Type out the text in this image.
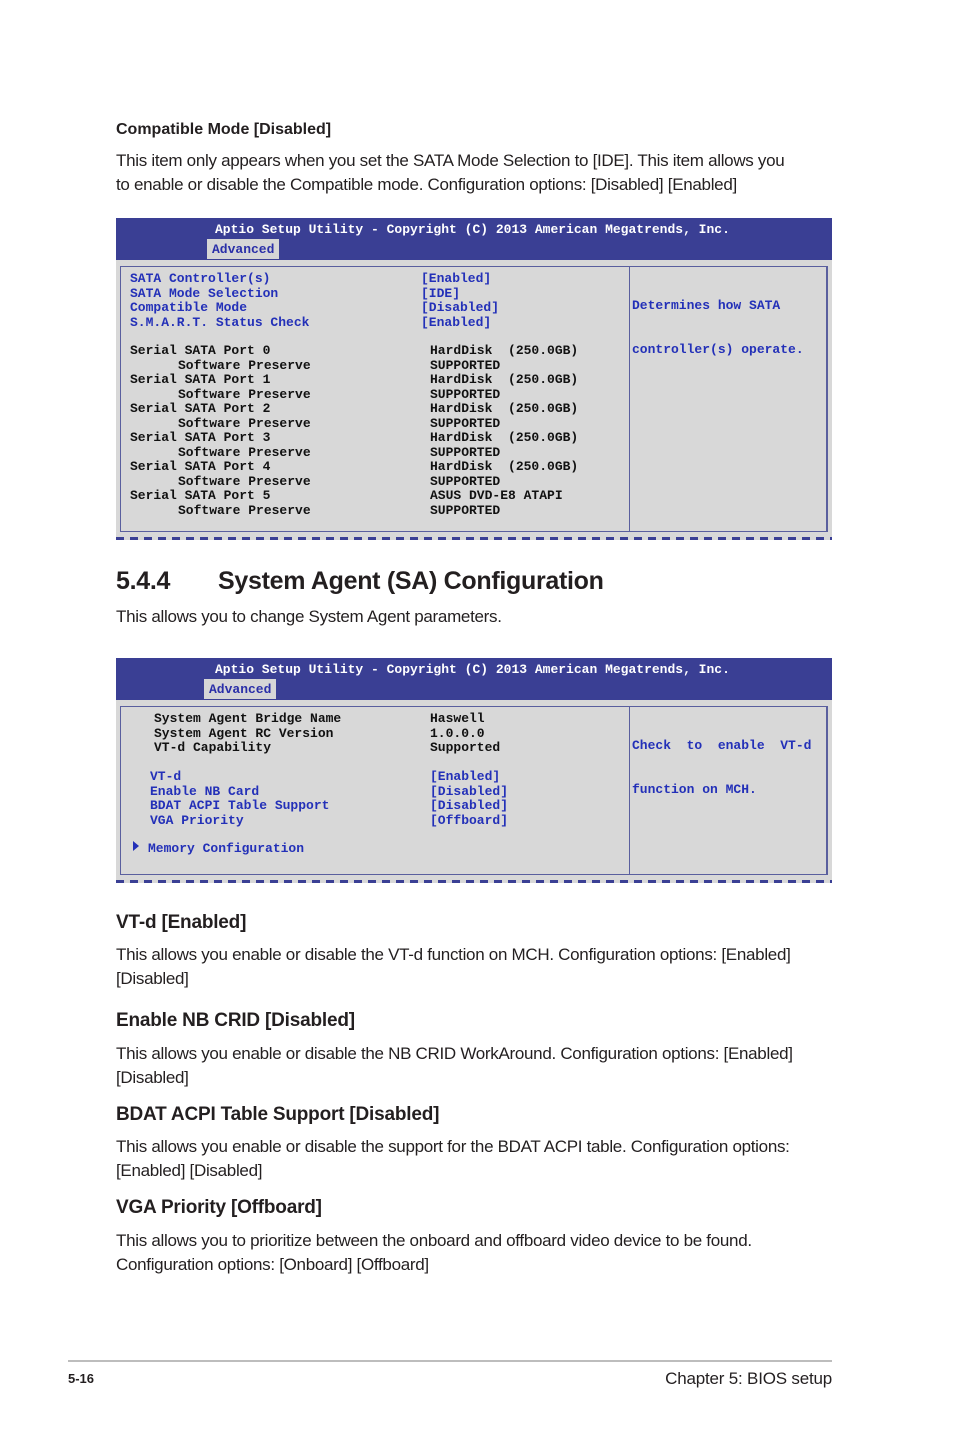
Compatible Mode [Disabled]
This item only appears when you set the SATA Mode Selection to [IDE]. This item allows you
to enable or disable the Compatible mode. Configuration options: [Disabled] [Enabled]
Aptio Setup Utility - Copyright (C) 2013 American Megatrends, Inc.
Advanced
SATA Controller(s)	[Enabled]
SATA Mode Selection	[IDE]
Compatible Mode	[Disabled]
S.M.A.R.T. Status Check	[Enabled]
Serial SATA Port 0	HardDisk  (250.0GB)
Software Preserve	SUPPORTED
Serial SATA Port 1	HardDisk  (250.0GB)
Software Preserve	SUPPORTED
Serial SATA Port 2	HardDisk  (250.0GB)
Software Preserve	SUPPORTED
Serial SATA Port 3	HardDisk  (250.0GB)
Software Preserve	SUPPORTED
Serial SATA Port 4	HardDisk  (250.0GB)
Software Preserve	SUPPORTED
Serial SATA Port 5	ASUS DVD-E8 ATAPI
Software Preserve	SUPPORTED

Determines how SATA

controller(s) operate.

5.4.4 System Agent (SA) Configuration
This allows you to change System Agent parameters.
Aptio Setup Utility - Copyright (C) 2013 American Megatrends, Inc.
Advanced
System Agent Bridge Name	Haswell
System Agent RC Version	1.0.0.0
VT-d Capability	Supported
VT-d	[Enabled]
Enable NB Card	[Disabled]
BDAT ACPI Table Support	[Disabled]
VGA Priority	[Offboard]
Memory Configuration

Check  to  enable  VT-d

function on MCH.

VT-d [Enabled]
This allows you enable or disable the VT-d function on MCH. Configuration options: [Enabled]
[Disabled]
Enable NB CRID [Disabled]
This allows you enable or disable the NB CRID WorkAround. Configuration options: [Enabled]
[Disabled]
BDAT ACPI Table Support [Disabled]
This allows you enable or disable the support for the BDAT ACPI table. Configuration options:
[Enabled] [Disabled]
VGA Priority [Offboard]
This allows you to prioritize between the onboard and offboard video device to be found.
Configuration options: [Onboard] [Offboard]
5-16	Chapter 5: BIOS setup
